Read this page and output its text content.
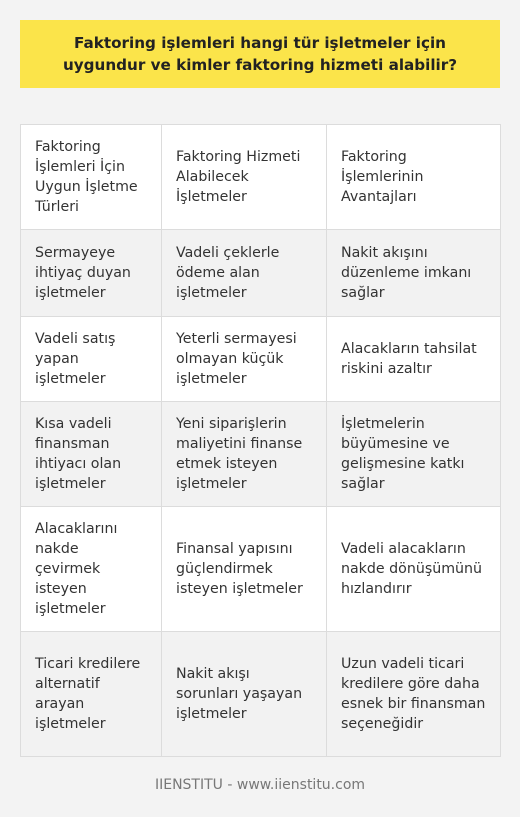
Faktoring işlemleri hangi tür işletmeler için uygundur ve kimler faktoring hizmeti alabilir?
Faktoring İşlemleri İçin Uygun İşletme Türleri	Faktoring Hizmeti Alabilecek İşletmeler	Faktoring İşlemlerinin Avantajları
Sermayeye ihtiyaç duyan işletmeler	Vadeli çeklerle ödeme alan işletmeler	Nakit akışını düzenleme imkanı sağlar
Vadeli satış yapan işletmeler	Yeterli sermayesi olmayan küçük işletmeler	Alacakların tahsilat riskini azaltır
Kısa vadeli finansman ihtiyacı olan işletmeler	Yeni siparişlerin maliyetini finanse etmek isteyen işletmeler	İşletmelerin büyümesine ve gelişmesine katkı sağlar
Alacaklarını nakde çevirmek isteyen işletmeler	Finansal yapısını güçlendirmek isteyen işletmeler	Vadeli alacakların nakde dönüşümünü hızlandırır
Ticari kredilere alternatif arayan işletmeler	Nakit akışı sorunları yaşayan işletmeler	Uzun vadeli ticari kredilere göre daha esnek bir finansman seçeneğidir
IIENSTITU - www.iienstitu.com
